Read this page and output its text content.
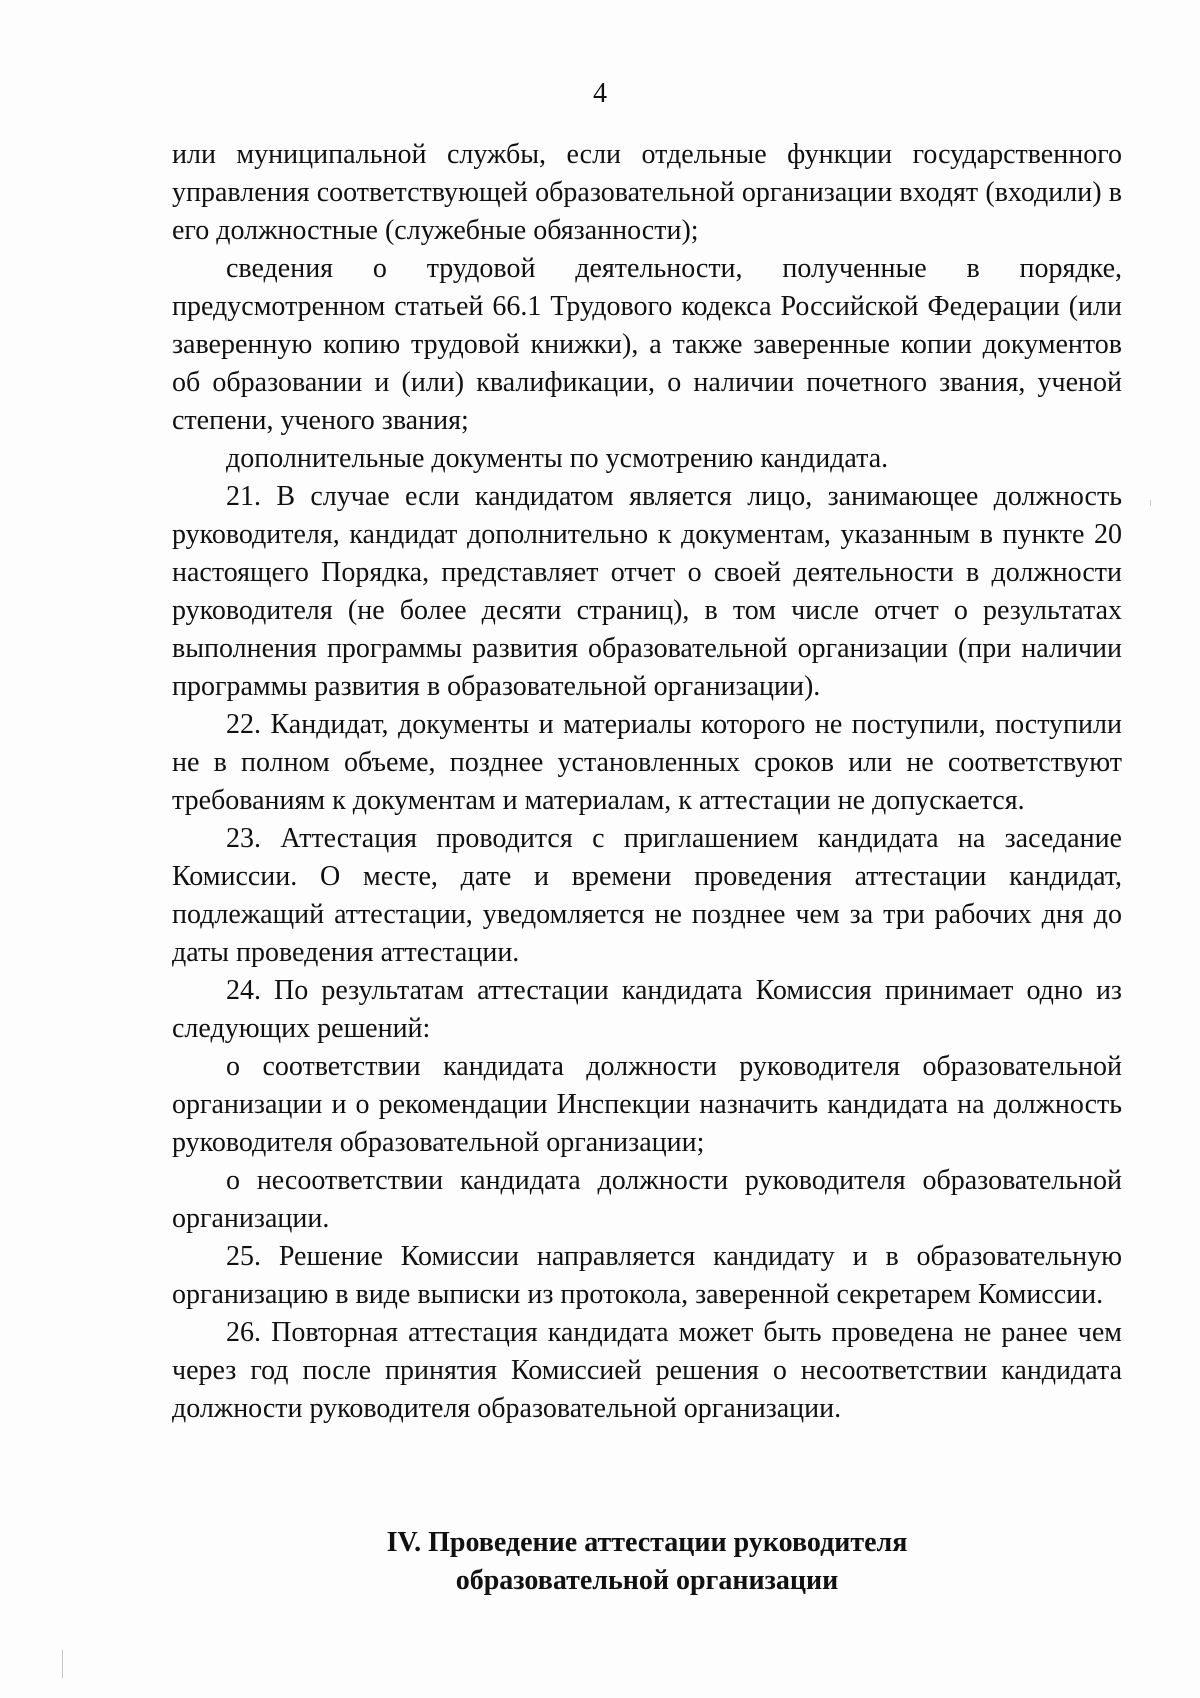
4

или муниципальной службы, если отдельные функции государственного управления соответствующей образовательной организации входят (входили) в его должностные (служебные обязанности);

сведения о трудовой деятельности, полученные в порядке, предусмотренном статьей 66.1 Трудового кодекса Российской Федерации (или заверенную копию трудовой книжки), а также заверенные копии документов об образовании и (или) квалификации, о наличии почетного звания, ученой степени, ученого звания;

дополнительные документы по усмотрению кандидата.

21. В случае если кандидатом является лицо, занимающее должность руководителя, кандидат дополнительно к документам, указанным в пункте 20 настоящего Порядка, представляет отчет о своей деятельности в должности руководителя (не более десяти страниц), в том числе отчет о результатах выполнения программы развития образовательной организации (при наличии программы развития в образовательной организации).

22. Кандидат, документы и материалы которого не поступили, поступили не в полном объеме, позднее установленных сроков или не соответствуют требованиям к документам и материалам, к аттестации не допускается.

23. Аттестация проводится с приглашением кандидата на заседание Комиссии. О месте, дате и времени проведения аттестации кандидат, подлежащий аттестации, уведомляется не позднее чем за три рабочих дня до даты проведения аттестации.

24. По результатам аттестации кандидата Комиссия принимает одно из следующих решений:

о соответствии кандидата должности руководителя образовательной организации и о рекомендации Инспекции назначить кандидата на должность руководителя образовательной организации;

о несоответствии кандидата должности руководителя образовательной организации.

25. Решение Комиссии направляется кандидату и в образовательную организацию в виде выписки из протокола, заверенной секретарем Комиссии.

26. Повторная аттестация кандидата может быть проведена не ранее чем через год после принятия Комиссией решения о несоответствии кандидата должности руководителя образовательной организации.

IV. Проведение аттестации руководителя
образовательной организации
